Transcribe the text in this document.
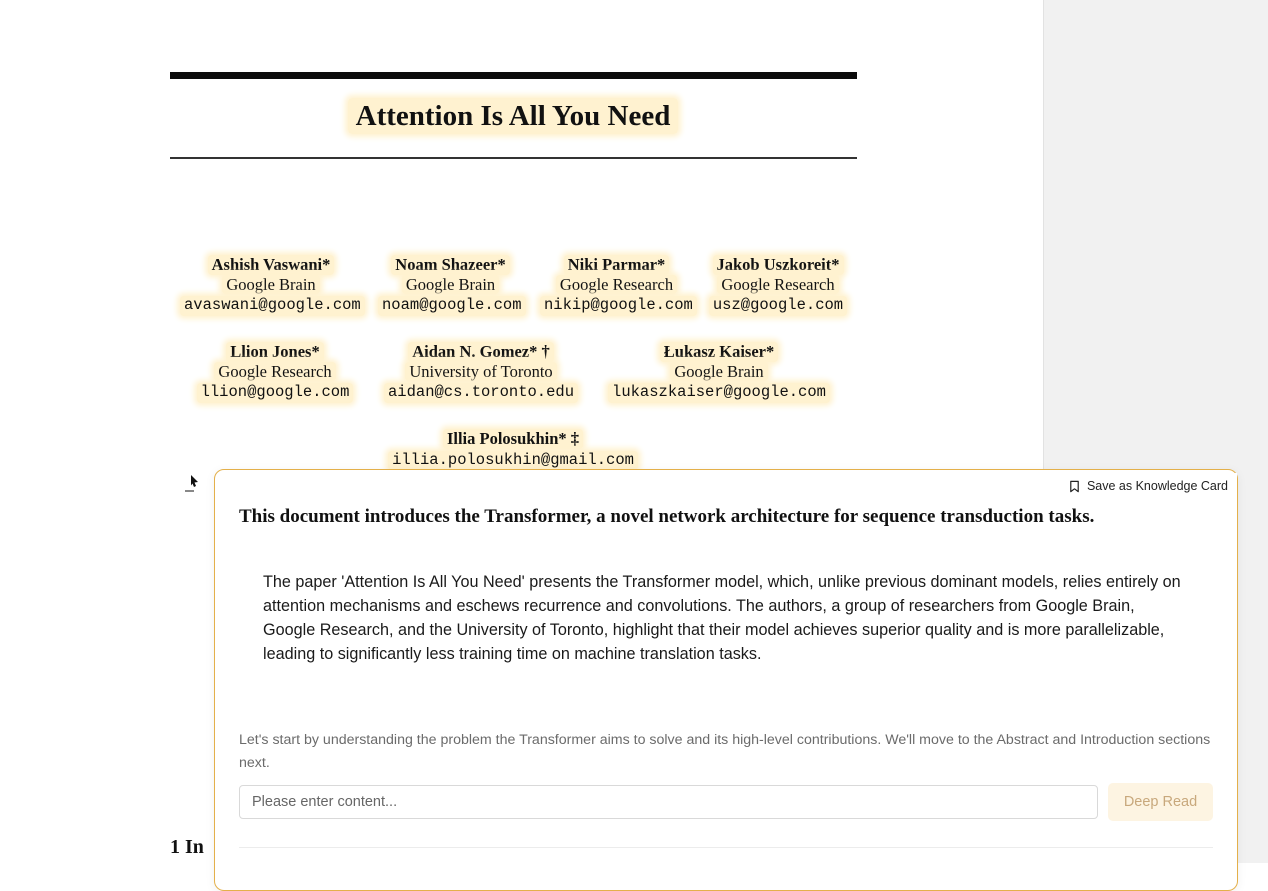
Attention Is All You Need
Ashish Vaswani*
Google Brain
avaswani@google.com
Noam Shazeer*
Google Brain
noam@google.com
Niki Parmar*
Google Research
nikip@google.com
Jakob Uszkoreit*
Google Research
usz@google.com
Llion Jones*
Google Research
llion@google.com
Aidan N. Gomez* †
University of Toronto
aidan@cs.toronto.edu
Łukasz Kaiser*
Google Brain
lukaszkaiser@google.com
Illia Polosukhin* ‡
illia.polosukhin@gmail.com
1 In
Save as Knowledge Card
This document introduces the Transformer, a novel network architecture for sequence transduction tasks.
The paper 'Attention Is All You Need' presents the Transformer model, which, unlike previous dominant models, relies entirely on attention mechanisms and eschews recurrence and convolutions. The authors, a group of researchers from Google Brain, Google Research, and the University of Toronto, highlight that their model achieves superior quality and is more parallelizable, leading to significantly less training time on machine translation tasks.
Let's start by understanding the problem the Transformer aims to solve and its high-level contributions. We'll move to the Abstract and Introduction sections next.
Please enter content...
Deep Read
